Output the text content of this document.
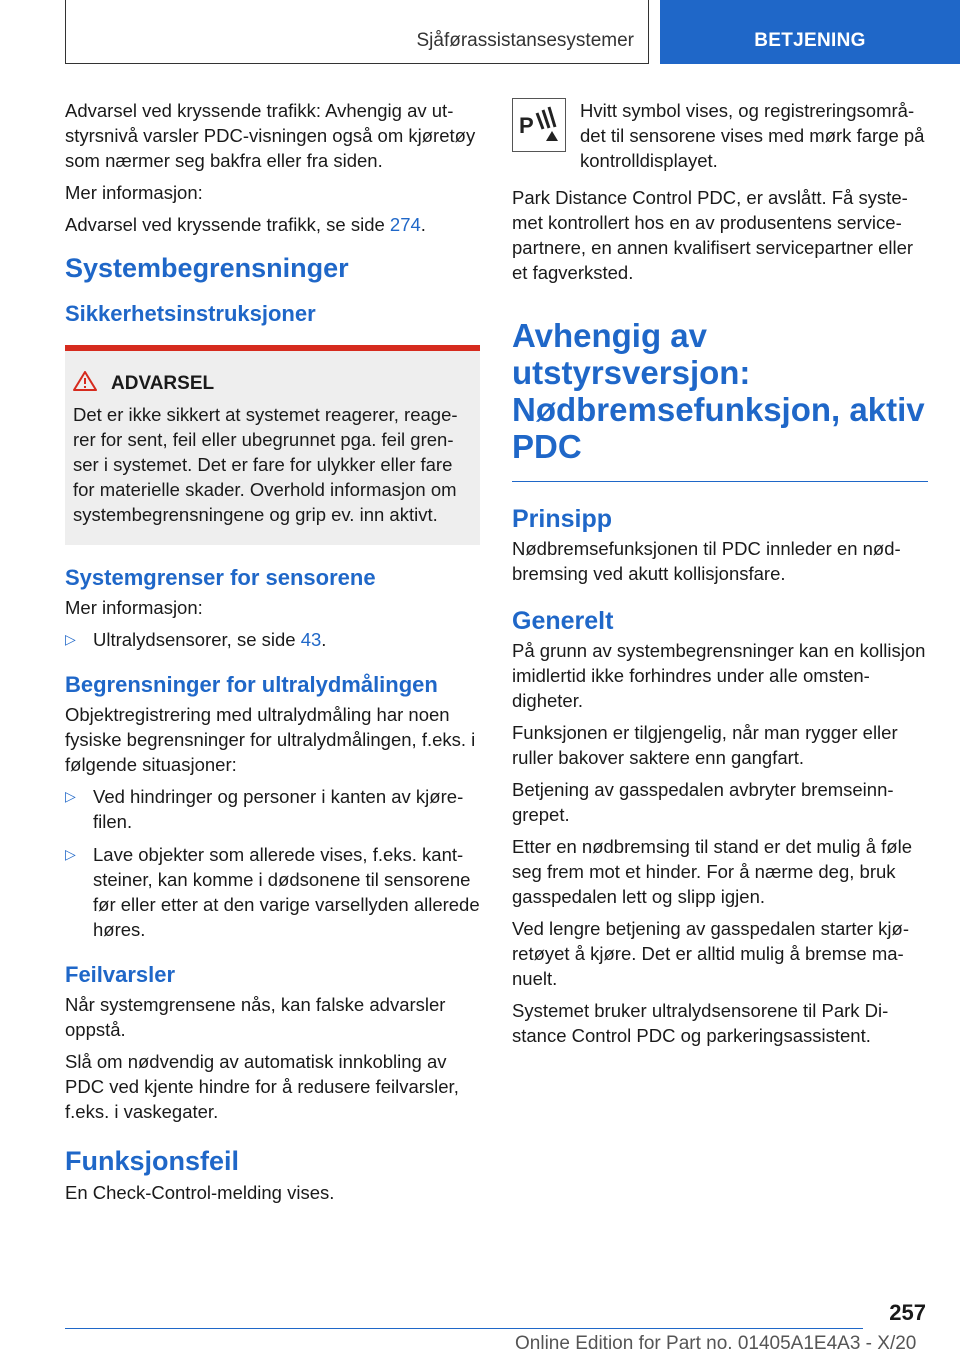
Sjåførassistansesystemer	BETJENING

Advarsel ved kryssende trafikk: Avhengig av utstyrsnivå varsler PDC-visningen også om kjøretøy som nærmer seg bakfra eller fra siden.

Mer informasjon:

Advarsel ved kryssende trafikk, se side 274.

Systembegrensninger
Sikkerhetsinstruksjoner
ADVARSEL

Det er ikke sikkert at systemet reagerer, reagerer for sent, feil eller ubegrunnet pga. feil grenser i systemet. Det er fare for ulykker eller fare for materielle skader. Overhold informasjon om systembegrensningene og grip ev. inn aktivt.

Systemgrenser for sensorene

Mer informasjon:

▷ Ultralydsensorer, se side 43.
Begrensninger for ultralydmålingen

Objektregistrering med ultralydmåling har noen fysiske begrensninger for ultralydmålingen, f.eks. i følgende situasjoner:

▷ Ved hindringer og personer i kanten av kjørefilen.
▷ Lave objekter som allerede vises, f.eks. kantsteiner, kan komme i dødsonene til sensorene før eller etter at den varige varsellyden allerede høres.
Feilvarsler

Når systemgrensene nås, kan falske advarsler oppstå.

Slå om nødvendig av automatisk innkobling av PDC ved kjente hindre for å redusere feilvarsler, f.eks. i vaskegater.

Funksjonsfeil

En Check-Control-melding vises.

P

Hvitt symbol vises, og registreringsområdet til sensorene vises med mørk farge på kontrolldisplayet.

Park Distance Control PDC, er avslått. Få systemet kontrollert hos en av produsentens servicepartnere, en annen kvalifisert servicepartner eller et fagverksted.

Avhengig av utstyrsversjon: Nødbremsefunksjon, aktiv PDC
Prinsipp

Nødbremsefunksjonen til PDC innleder en nødbremsing ved akutt kollisjonsfare.

Generelt

På grunn av systembegrensninger kan en kollisjon imidlertid ikke forhindres under alle omstendigheter.

Funksjonen er tilgjengelig, når man rygger eller ruller bakover saktere enn gangfart.

Betjening av gasspedalen avbryter bremseinngrepet.

Etter en nødbremsing til stand er det mulig å føle seg frem mot et hinder. For å nærme deg, bruk gasspedalen lett og slipp igjen.

Ved lengre betjening av gasspedalen starter kjøretøyet å kjøre. Det er alltid mulig å bremse manuelt.

Systemet bruker ultralydsensorene til Park Distance Control PDC og parkeringsassistent.

257
Online Edition for Part no. 01405A1E4A3 - X/20
